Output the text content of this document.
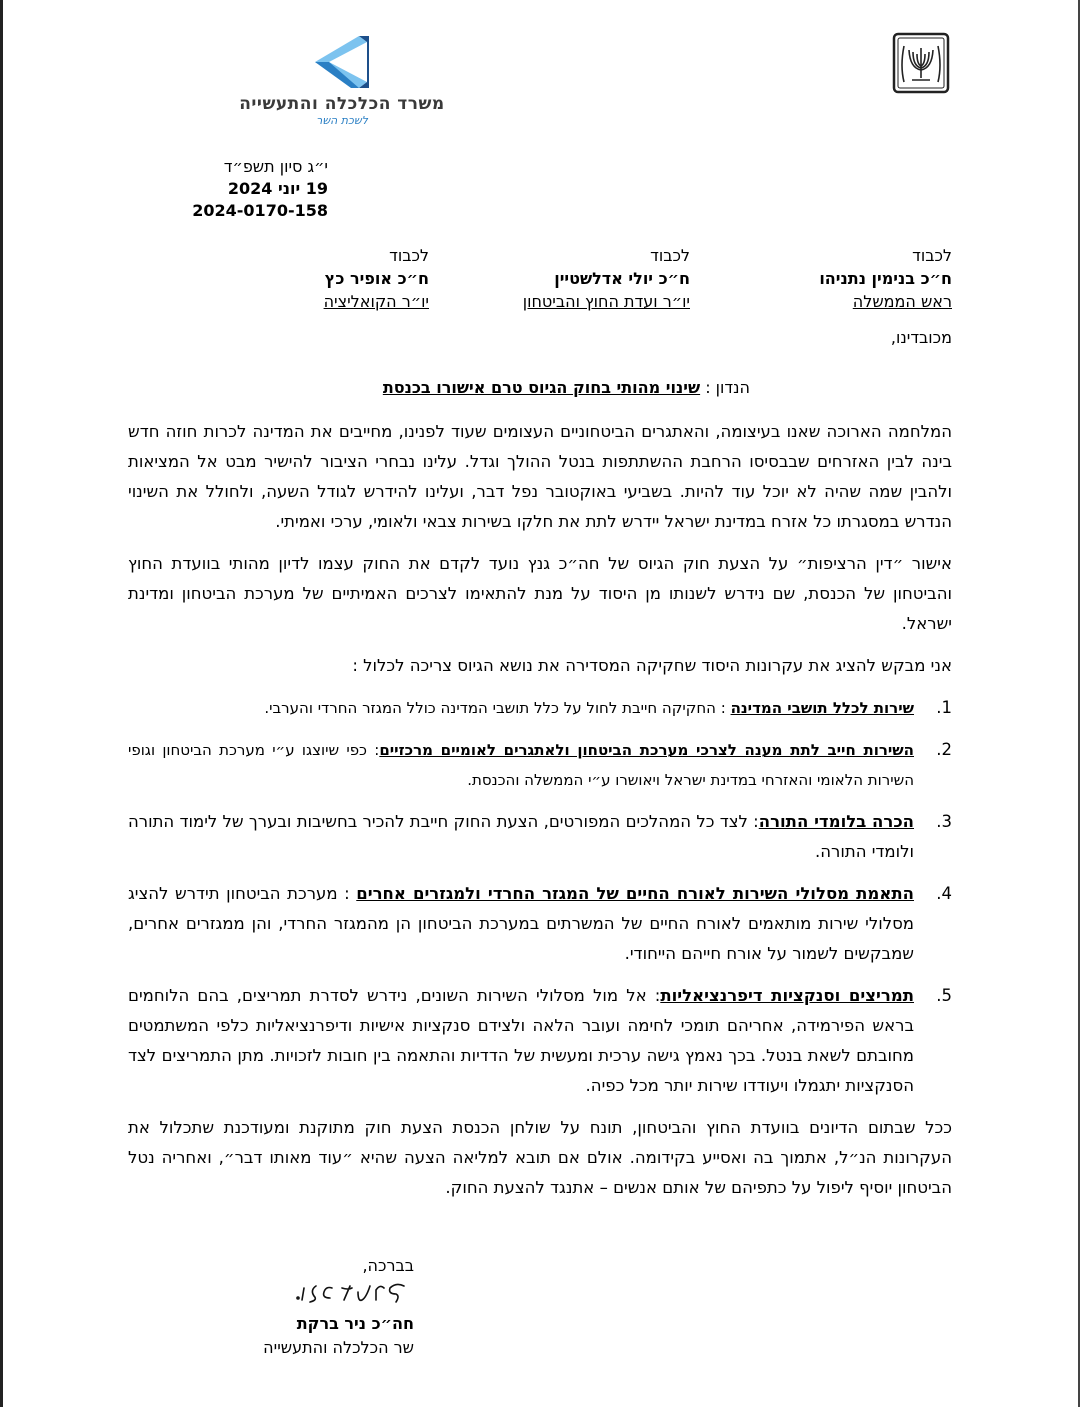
משרד הכלכלה והתעשייה
לשכת השר
י״ג סיון תשפ״ד
19 יוני 2024
2024-0170-158
לכבוד
ח״כ בנימין נתניהו
ראש הממשלה
לכבוד
ח״כ יולי אדלשטיין
יו״ר ועדת החוץ והביטחון
לכבוד
ח״כ אופיר כץ
יו״ר הקואליציה
מכובדינו,
הנדון : שינוי מהותי בחוק הגיוס טרם אישורו בכנסת

המלחמה הארוכה שאנו בעיצומה, והאתגרים הביטחוניים העצומים שעוד לפנינו, מחייבים את המדינה לכרות חוזה חדש בינה לבין האזרחים שבבסיסו הרחבת ההשתתפות בנטל ההולך וגדל. עלינו נבחרי הציבור להישיר מבט אל המציאות ולהבין שמה שהיה לא יוכל עוד להיות. בשביעי באוקטובר נפל דבר, ועלינו להידרש לגודל השעה, ולחולל את השינוי הנדרש במסגרתו כל אזרח במדינת ישראל יידרש לתת את חלקו בשירות צבאי ולאומי, ערכי ואמיתי.

אישור ״דין הרציפות״ על הצעת חוק הגיוס של חה״כ גנץ נועד לקדם את החוק עצמו לדיון מהותי בוועדת החוץ והביטחון של הכנסת, שם נידרש לשנותו מן היסוד על מנת להתאימו לצרכים האמיתיים של מערכת הביטחון ומדינת ישראל.

אני מבקש להציג את עקרונות היסוד שחקיקה המסדירה את נושא הגיוס צריכה לכלול :

1.
שירות לכלל תושבי המדינה : החקיקה חייבת לחול על כלל תושבי המדינה כולל המגזר החרדי והערבי.
2.
השירות חייב לתת מענה לצרכי מערכת הביטחון ולאתגרים לאומיים מרכזיים: כפי שיוצגו ע״י מערכת הביטחון וגופי השירות הלאומי והאזרחי במדינת ישראל ויאושרו ע״י הממשלה והכנסת.
3.
הכרה בלומדי התורה: לצד כל המהלכים המפורטים, הצעת החוק חייבת להכיר בחשיבות ובערך של לימוד התורה ולומדי התורה.
4.
התאמת מסלולי השירות לאורח החיים של המגזר החרדי ולמגזרים אחרים : מערכת הביטחון תידרש להציג מסלולי שירות מותאמים לאורח החיים של המשרתים במערכת הביטחון הן מהמגזר החרדי, והן ממגזרים אחרים, שמבקשים לשמור על אורח חייהם הייחודי.
5.
תמריצים וסנקציות דיפרנציאליות: אל מול מסלולי השירות השונים, נידרש לסדרת תמריצים, בהם הלוחמים בראש הפירמידה, אחריהם תומכי לחימה ועובר הלאה ולצידם סנקציות אישיות ודיפרנציאליות כלפי המשתמטים מחובתם לשאת בנטל. בכך נאמץ גישה ערכית ומעשית של הדדיות והתאמה בין חובות לזכויות. מתן התמריצים לצד הסנקציות יתגמלו ויעודדו שירות יותר מכל כפיה.

ככל שבתום הדיונים בוועדת החוץ והביטחון, תונח על שולחן הכנסת הצעת חוק מתוקנת ומעודכנת שתכלול את העקרונות הנ״ל, אתמוך בה ואסייע בקידומה. אולם אם תובא למליאה הצעה שהיא ״עוד מאותו דבר״, ואחריה נטל הביטחון יוסיף ליפול על כתפיהם של אותם אנשים – אתנגד להצעת החוק.

בברכה,
חה״כ ניר ברקת
שר הכלכלה והתעשייה
